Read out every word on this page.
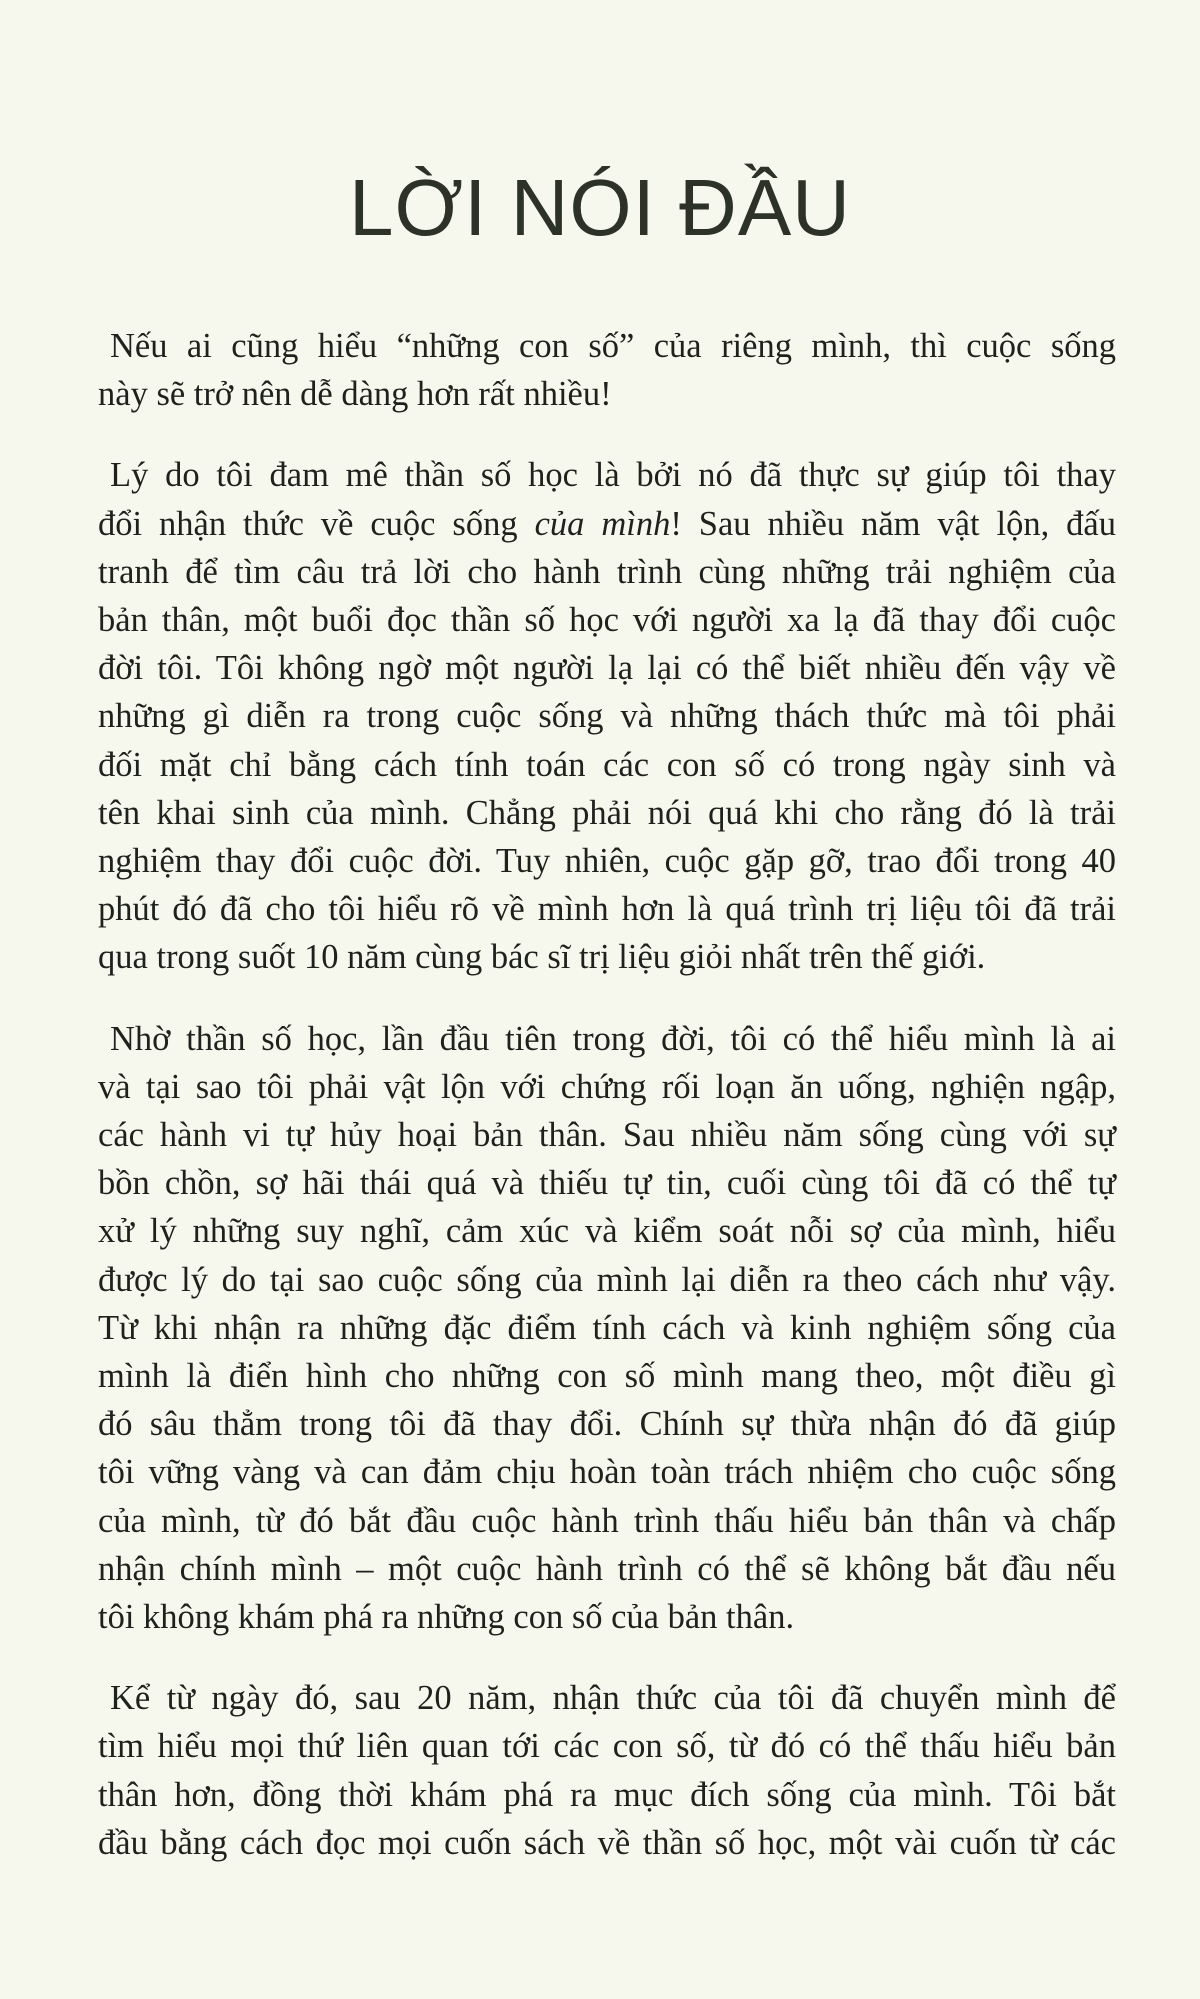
LỜI NÓI ĐẦU

Nếu ai cũng hiểu “những con số” của riêng mình, thì cuộc sống
này sẽ trở nên dễ dàng hơn rất nhiều!

Lý do tôi đam mê thần số học là bởi nó đã thực sự giúp tôi thay
đổi nhận thức về cuộc sống của mình! Sau nhiều năm vật lộn, đấu
tranh để tìm câu trả lời cho hành trình cùng những trải nghiệm của
bản thân, một buổi đọc thần số học với người xa lạ đã thay đổi cuộc
đời tôi. Tôi không ngờ một người lạ lại có thể biết nhiều đến vậy về
những gì diễn ra trong cuộc sống và những thách thức mà tôi phải
đối mặt chỉ bằng cách tính toán các con số có trong ngày sinh và
tên khai sinh của mình. Chẳng phải nói quá khi cho rằng đó là trải
nghiệm thay đổi cuộc đời. Tuy nhiên, cuộc gặp gỡ, trao đổi trong 40
phút đó đã cho tôi hiểu rõ về mình hơn là quá trình trị liệu tôi đã trải
qua trong suốt 10 năm cùng bác sĩ trị liệu giỏi nhất trên thế giới.

Nhờ thần số học, lần đầu tiên trong đời, tôi có thể hiểu mình là ai
và tại sao tôi phải vật lộn với chứng rối loạn ăn uống, nghiện ngập,
các hành vi tự hủy hoại bản thân. Sau nhiều năm sống cùng với sự
bồn chồn, sợ hãi thái quá và thiếu tự tin, cuối cùng tôi đã có thể tự
xử lý những suy nghĩ, cảm xúc và kiểm soát nỗi sợ của mình, hiểu
được lý do tại sao cuộc sống của mình lại diễn ra theo cách như vậy.
Từ khi nhận ra những đặc điểm tính cách và kinh nghiệm sống của
mình là điển hình cho những con số mình mang theo, một điều gì
đó sâu thẳm trong tôi đã thay đổi. Chính sự thừa nhận đó đã giúp
tôi vững vàng và can đảm chịu hoàn toàn trách nhiệm cho cuộc sống
của mình, từ đó bắt đầu cuộc hành trình thấu hiểu bản thân và chấp
nhận chính mình – một cuộc hành trình có thể sẽ không bắt đầu nếu
tôi không khám phá ra những con số của bản thân.

Kể từ ngày đó, sau 20 năm, nhận thức của tôi đã chuyển mình để
tìm hiểu mọi thứ liên quan tới các con số, từ đó có thể thấu hiểu bản
thân hơn, đồng thời khám phá ra mục đích sống của mình. Tôi bắt
đầu bằng cách đọc mọi cuốn sách về thần số học, một vài cuốn từ các
